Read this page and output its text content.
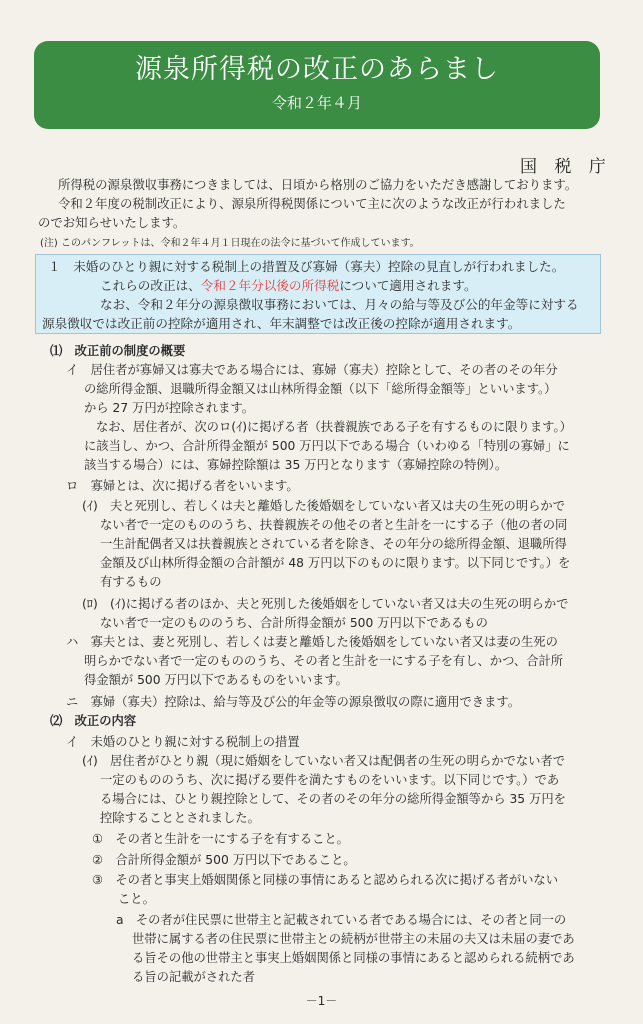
源泉所得税の改正のあらまし
令和２年４月
国 税 庁
所得税の源泉徴収事務につきましては、日頃から格別のご協力をいただき感謝しております。
令和２年度の税制改正により、源泉所得税関係について主に次のような改正が行われました
のでお知らせいたします。
(注) このパンフレットは、令和２年４月１日現在の法令に基づいて作成しています。
１　未婚のひとり親に対する税制上の措置及び寡婦（寡夫）控除の見直しが行われました。
これらの改正は、令和２年分以後の所得税について適用されます。
なお、令和２年分の源泉徴収事務においては、月々の給与等及び公的年金等に対する
源泉徴収では改正前の控除が適用され、年末調整では改正後の控除が適用されます。
⑴　改正前の制度の概要
イ　居住者が寡婦又は寡夫である場合には、寡婦（寡夫）控除として、その者のその年分
の総所得金額、退職所得金額又は山林所得金額（以下「総所得金額等」といいます。）
から 27 万円が控除されます。
なお、居住者が、次のロ(ｲ)に掲げる者（扶養親族である子を有するものに限ります。）
に該当し、かつ、合計所得金額が 500 万円以下である場合（いわゆる「特別の寡婦」に
該当する場合）には、寡婦控除額は 35 万円となります（寡婦控除の特例）。
ロ　寡婦とは、次に掲げる者をいいます。
(ｲ)　夫と死別し、若しくは夫と離婚した後婚姻をしていない者又は夫の生死の明らかで
ない者で一定のもののうち、扶養親族その他その者と生計を一にする子（他の者の同
一生計配偶者又は扶養親族とされている者を除き、その年分の総所得金額、退職所得
金額及び山林所得金額の合計額が 48 万円以下のものに限ります。以下同じです。）を
有するもの
(ﾛ)　(ｲ)に掲げる者のほか、夫と死別した後婚姻をしていない者又は夫の生死の明らかで
ない者で一定のもののうち、合計所得金額が 500 万円以下であるもの
ハ　寡夫とは、妻と死別し、若しくは妻と離婚した後婚姻をしていない者又は妻の生死の
明らかでない者で一定のもののうち、その者と生計を一にする子を有し、かつ、合計所
得金額が 500 万円以下であるものをいいます。
ニ　寡婦（寡夫）控除は、給与等及び公的年金等の源泉徴収の際に適用できます。
⑵　改正の内容
イ　未婚のひとり親に対する税制上の措置
(ｲ)　居住者がひとり親（現に婚姻をしていない者又は配偶者の生死の明らかでない者で
一定のもののうち、次に掲げる要件を満たすものをいいます。以下同じです。）であ
る場合には、ひとり親控除として、その者のその年分の総所得金額等から 35 万円を
控除することとされました。
①　その者と生計を一にする子を有すること。
②　合計所得金額が 500 万円以下であること。
③　その者と事実上婚姻関係と同様の事情にあると認められる次に掲げる者がいない
こと。
a　その者が住民票に世帯主と記載されている者である場合には、その者と同一の
世帯に属する者の住民票に世帯主との続柄が世帯主の未届の夫又は未届の妻であ
る旨その他の世帯主と事実上婚姻関係と同様の事情にあると認められる続柄であ
る旨の記載がされた者
－1－
